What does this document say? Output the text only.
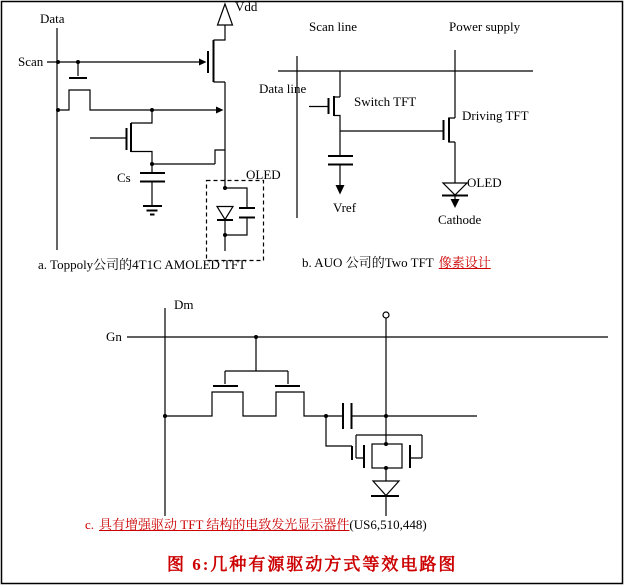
Data
Vdd
Scan
Cs	OLED
a. Toppoly公司的4T1C AMOLED TFT
Scan line	Power supply
Data line
Switch TFT
Driving TFT
Vref
OLED
Cathode
b. AUO 公司的Two TFT 像素设计
Dm
Gn
c. 具有增强驱动 TFT 结构的电致发光显示器件(US6,510,448)
图 6:几种有源驱动方式等效电路图
